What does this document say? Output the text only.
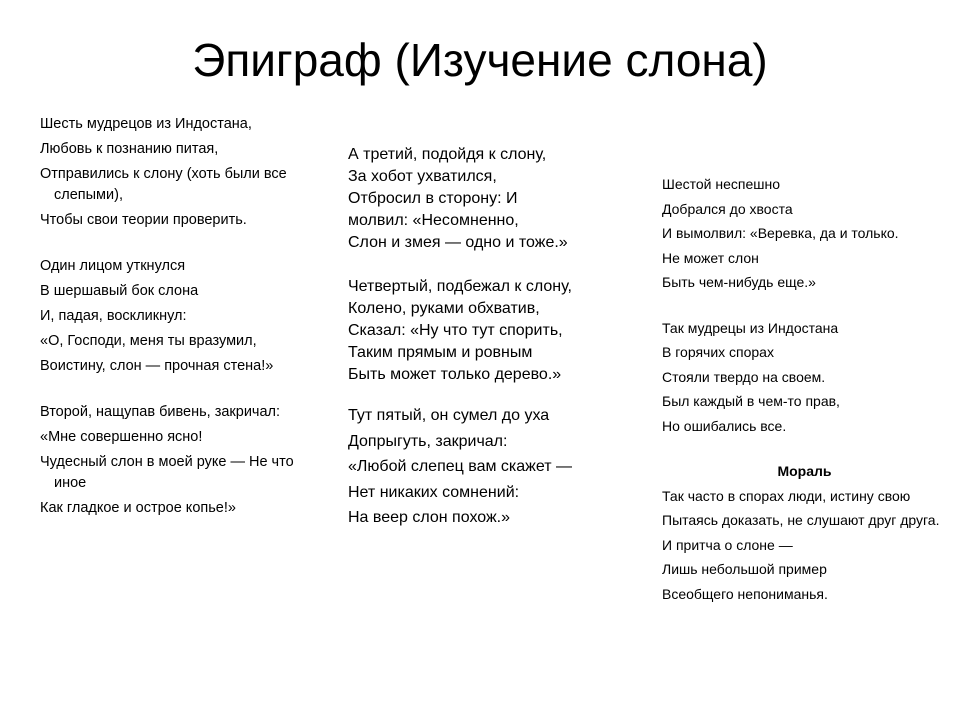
Эпиграф (Изучение слона)

Шесть мудрецов из Индостана,

Любовь к познанию питая,

Отправились к слону (хоть были все слепыми),

Чтобы свои теории проверить.

Один лицом уткнулся

В шершавый бок слона

И, падая, воскликнул:

«О, Господи, меня ты вразумил,

Воистину, слон — прочная стена!»

Второй, нащупав бивень, закричал:

«Мне совершенно ясно!

Чудесный слон в моей руке — Не что иное

Как гладкое и острое копье!»

А третий, подойдя к слону,

За хобот ухватился,

Отбросил в сторону: И

молвил: «Несомненно,

Слон и змея — одно и тоже.»

Четвертый, подбежал к слону,

Колено, руками обхватив,

Сказал: «Ну что тут спорить,

Таким прямым и ровным

Быть может только дерево.»

Тут пятый, он сумел до уха

Допрыгуть, закричал:

«Любой слепец вам скажет —

Нет никаких сомнений:

На веер слон похож.»

Шестой неспешно

Добрался до хвоста

И вымолвил: «Веревка, да и только.

Не может слон

Быть чем-нибудь еще.»

Так мудрецы из Индостана

В горячих спорах

Стояли твердо на своем.

Был каждый в чем-то прав,

Но ошибались все.

Мораль

Так часто в спорах люди, истину свою

Пытаясь доказать, не слушают друг друга.

И притча о слоне —

Лишь небольшой пример

Всеобщего непониманья.
